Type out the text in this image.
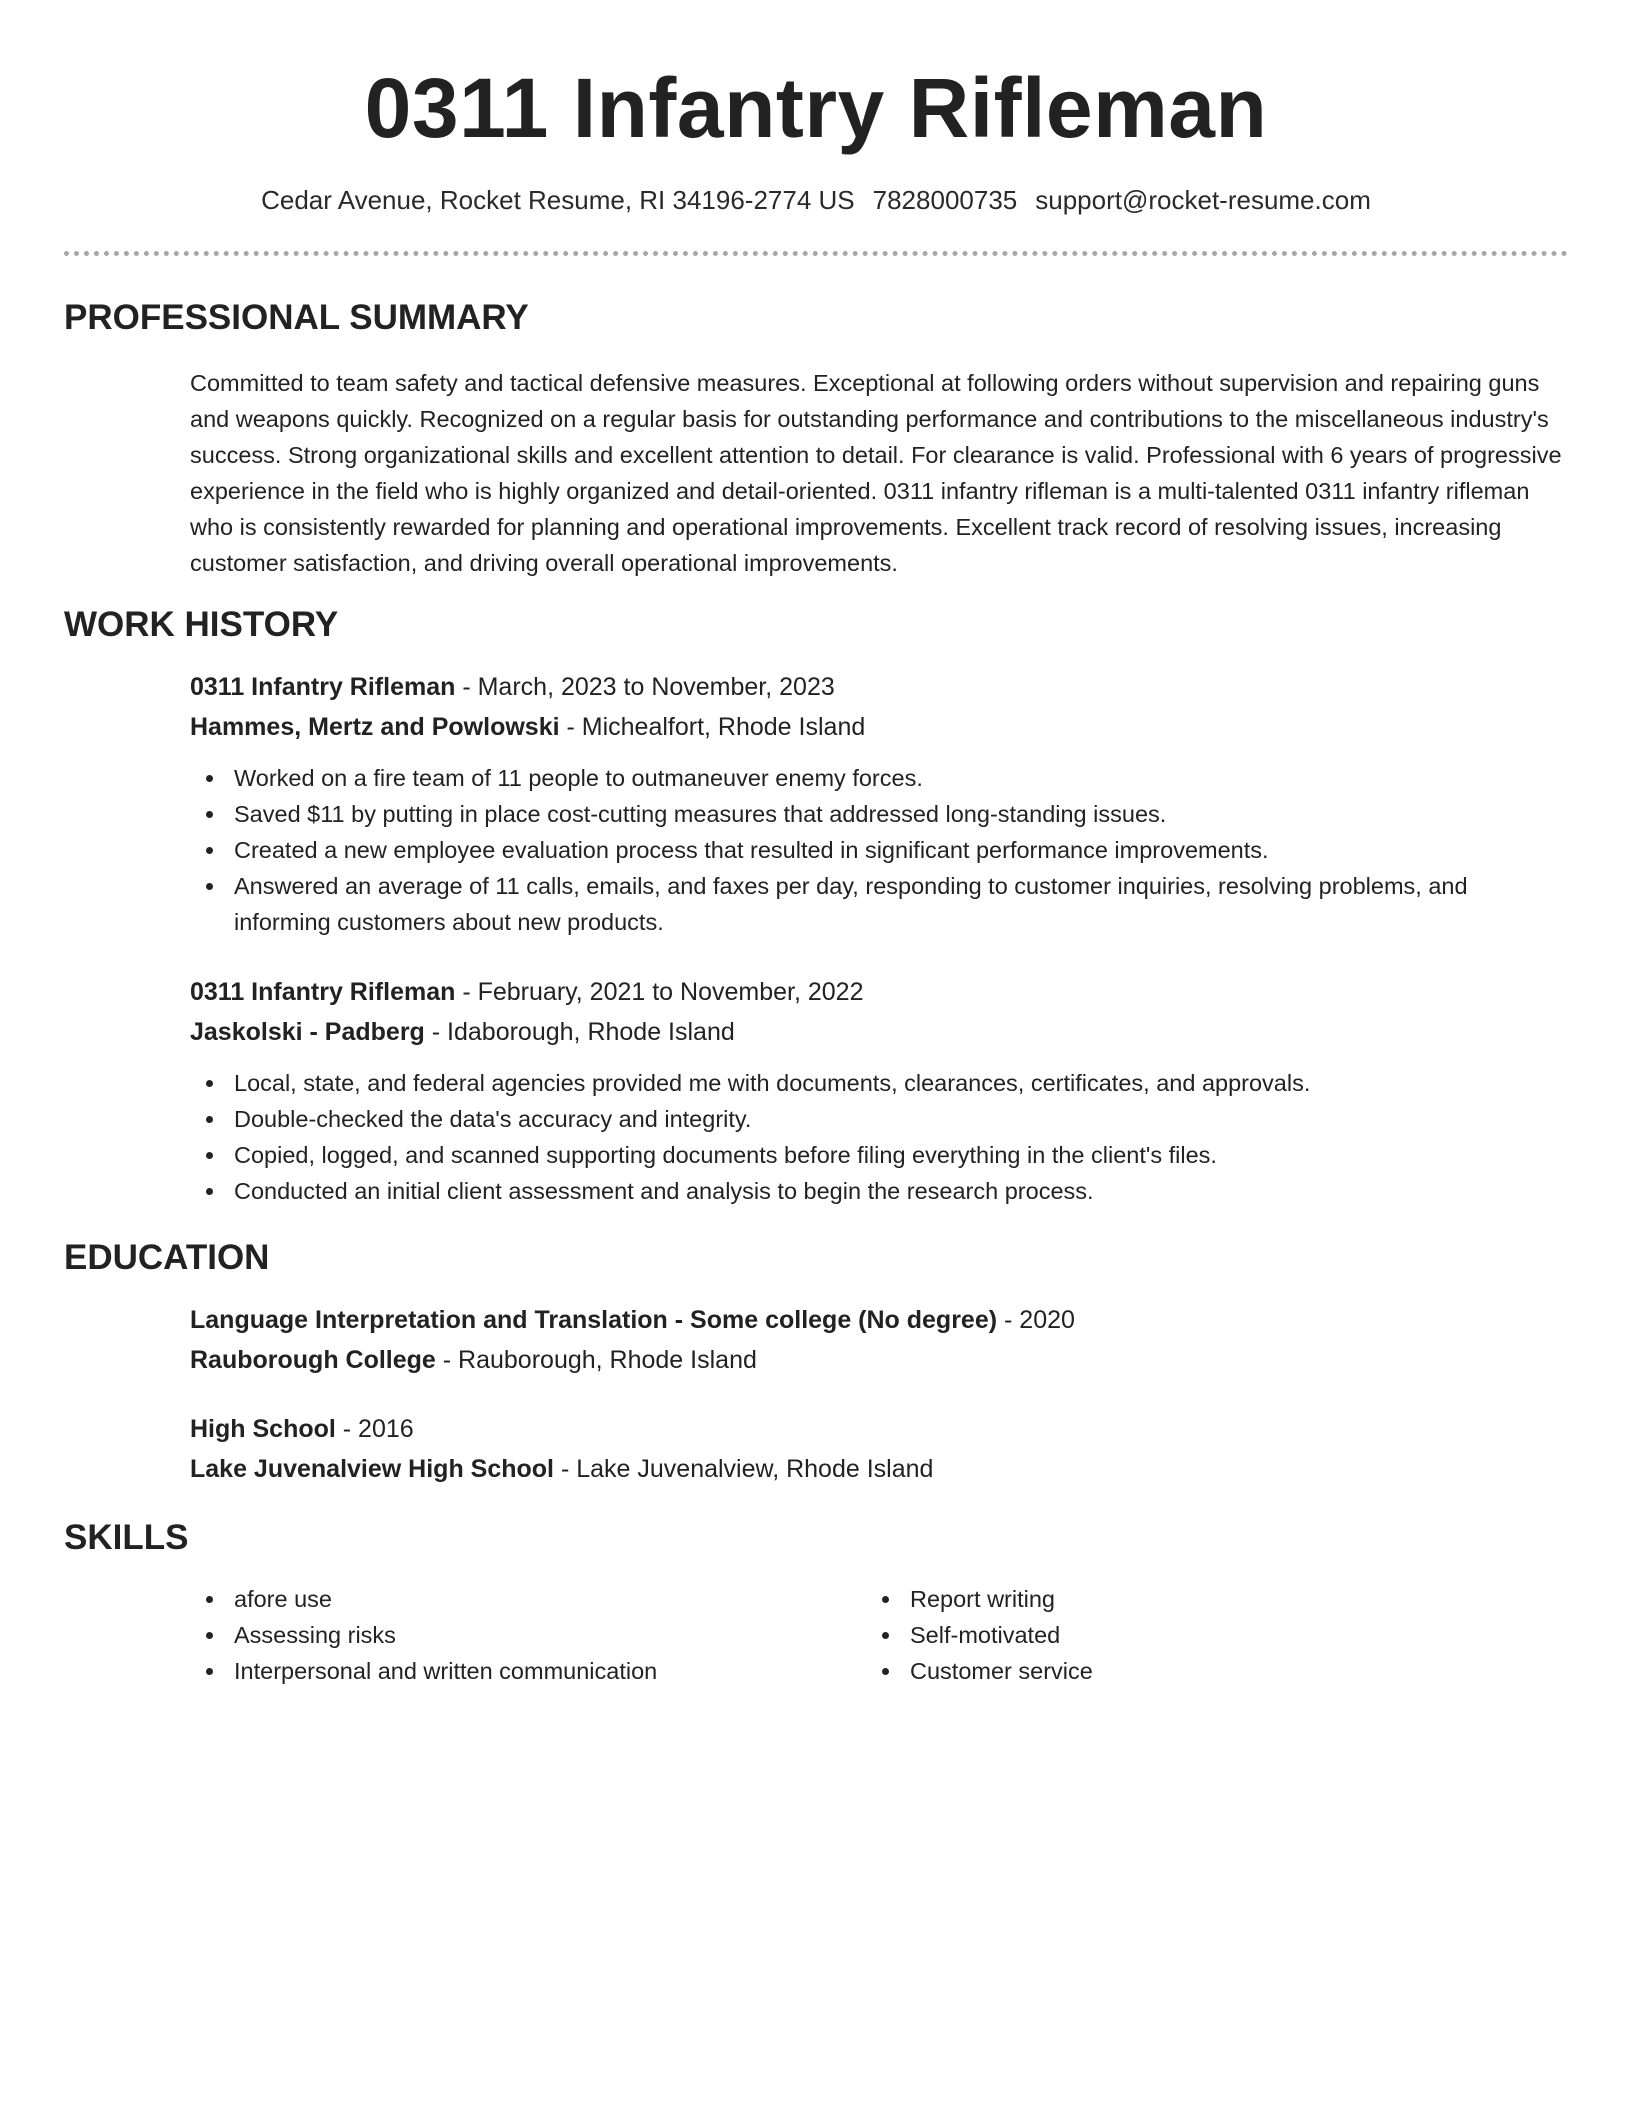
0311 Infantry Rifleman
Cedar Avenue, Rocket Resume, RI 34196-2774 US 7828000735 support@rocket-resume.com
PROFESSIONAL SUMMARY

Committed to team safety and tactical defensive measures. Exceptional at following orders without supervision and repairing guns and weapons quickly. Recognized on a regular basis for outstanding performance and contributions to the miscellaneous industry's success. Strong organizational skills and excellent attention to detail. For clearance is valid. Professional with 6 years of progressive experience in the field who is highly organized and detail-oriented. 0311 infantry rifleman is a multi-talented 0311 infantry rifleman who is consistently rewarded for planning and operational improvements. Excellent track record of resolving issues, increasing customer satisfaction, and driving overall operational improvements.

WORK HISTORY
0311 Infantry Rifleman - March, 2023 to November, 2023
Hammes, Mertz and Powlowski - Michealfort, Rhode Island
Worked on a fire team of 11 people to outmaneuver enemy forces.
Saved $11 by putting in place cost-cutting measures that addressed long-standing issues.
Created a new employee evaluation process that resulted in significant performance improvements.
Answered an average of 11 calls, emails, and faxes per day, responding to customer inquiries, resolving problems, and informing customers about new products.
0311 Infantry Rifleman - February, 2021 to November, 2022
Jaskolski - Padberg - Idaborough, Rhode Island
Local, state, and federal agencies provided me with documents, clearances, certificates, and approvals.
Double-checked the data's accuracy and integrity.
Copied, logged, and scanned supporting documents before filing everything in the client's files.
Conducted an initial client assessment and analysis to begin the research process.
EDUCATION
Language Interpretation and Translation - Some college (No degree) - 2020
Rauborough College - Rauborough, Rhode Island
High School - 2016
Lake Juvenalview High School - Lake Juvenalview, Rhode Island
SKILLS
afore use
Assessing risks
Interpersonal and written communication
Report writing
Self-motivated
Customer service
